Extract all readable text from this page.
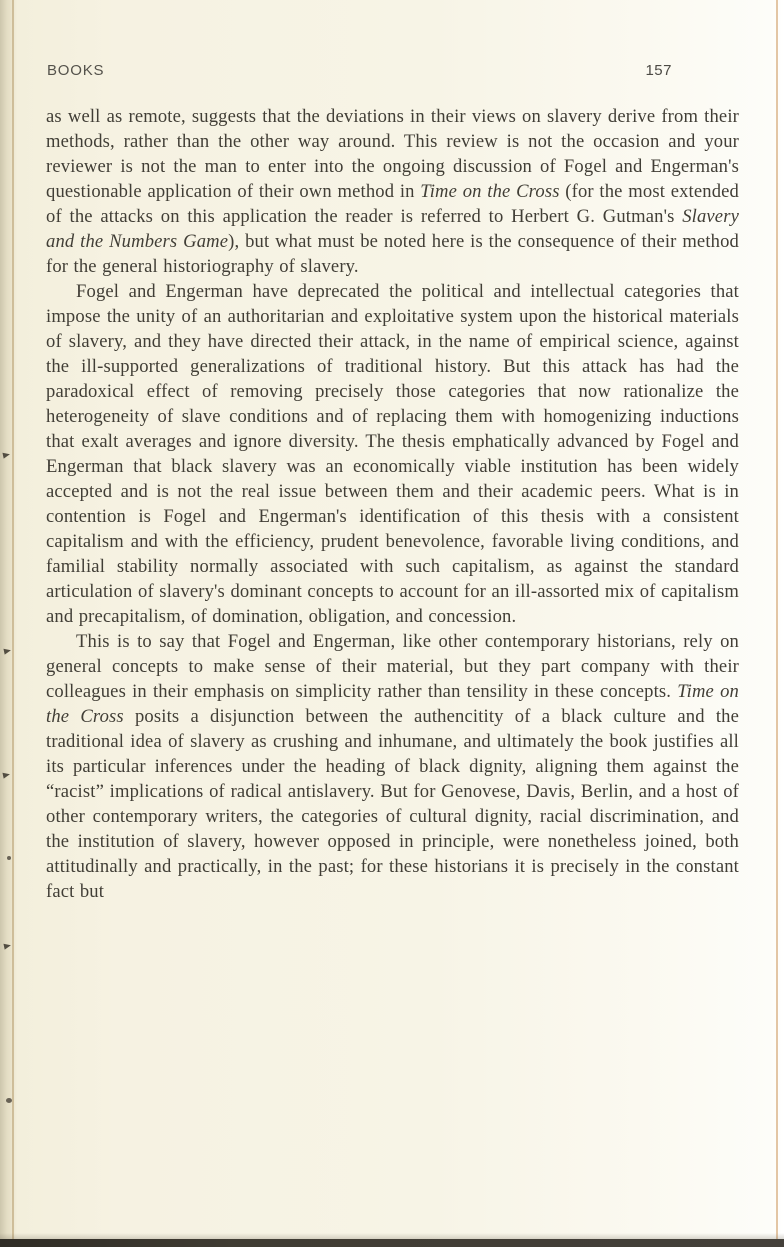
BOOKS	157

as well as remote, suggests that the deviations in their views on slavery derive from their methods, rather than the other way around. This review is not the occasion and your reviewer is not the man to enter into the ongoing discussion of Fogel and Engerman's questionable application of their own method in Time on the Cross (for the most extended of the attacks on this application the reader is referred to Herbert G. Gutman's Slavery and the Numbers Game), but what must be noted here is the consequence of their method for the general historiography of slavery.

Fogel and Engerman have deprecated the political and intellectual categories that impose the unity of an authoritarian and exploitative system upon the historical materials of slavery, and they have directed their attack, in the name of empirical science, against the ill-supported generalizations of traditional history. But this attack has had the paradoxical effect of removing precisely those categories that now rationalize the heterogeneity of slave conditions and of replacing them with homogenizing inductions that exalt averages and ignore diversity. The thesis emphatically advanced by Fogel and Engerman that black slavery was an economically viable institution has been widely accepted and is not the real issue between them and their academic peers. What is in contention is Fogel and Engerman's identification of this thesis with a consistent capitalism and with the efficiency, prudent benevolence, favorable living conditions, and familial stability normally associated with such capitalism, as against the standard articulation of slavery's dominant concepts to account for an ill-assorted mix of capitalism and precapitalism, of domination, obligation, and concession.

This is to say that Fogel and Engerman, like other contemporary historians, rely on general concepts to make sense of their material, but they part company with their colleagues in their emphasis on simplicity rather than tensility in these concepts. Time on the Cross posits a disjunction between the authencitity of a black culture and the traditional idea of slavery as crushing and inhumane, and ultimately the book justifies all its particular inferences under the heading of black dignity, aligning them against the “racist” implications of radical antislavery. But for Genovese, Davis, Berlin, and a host of other contemporary writers, the categories of cultural dignity, racial discrimination, and the institution of slavery, however opposed in principle, were nonetheless joined, both attitudinally and practically, in the past; for these historians it is precisely in the constant fact but
